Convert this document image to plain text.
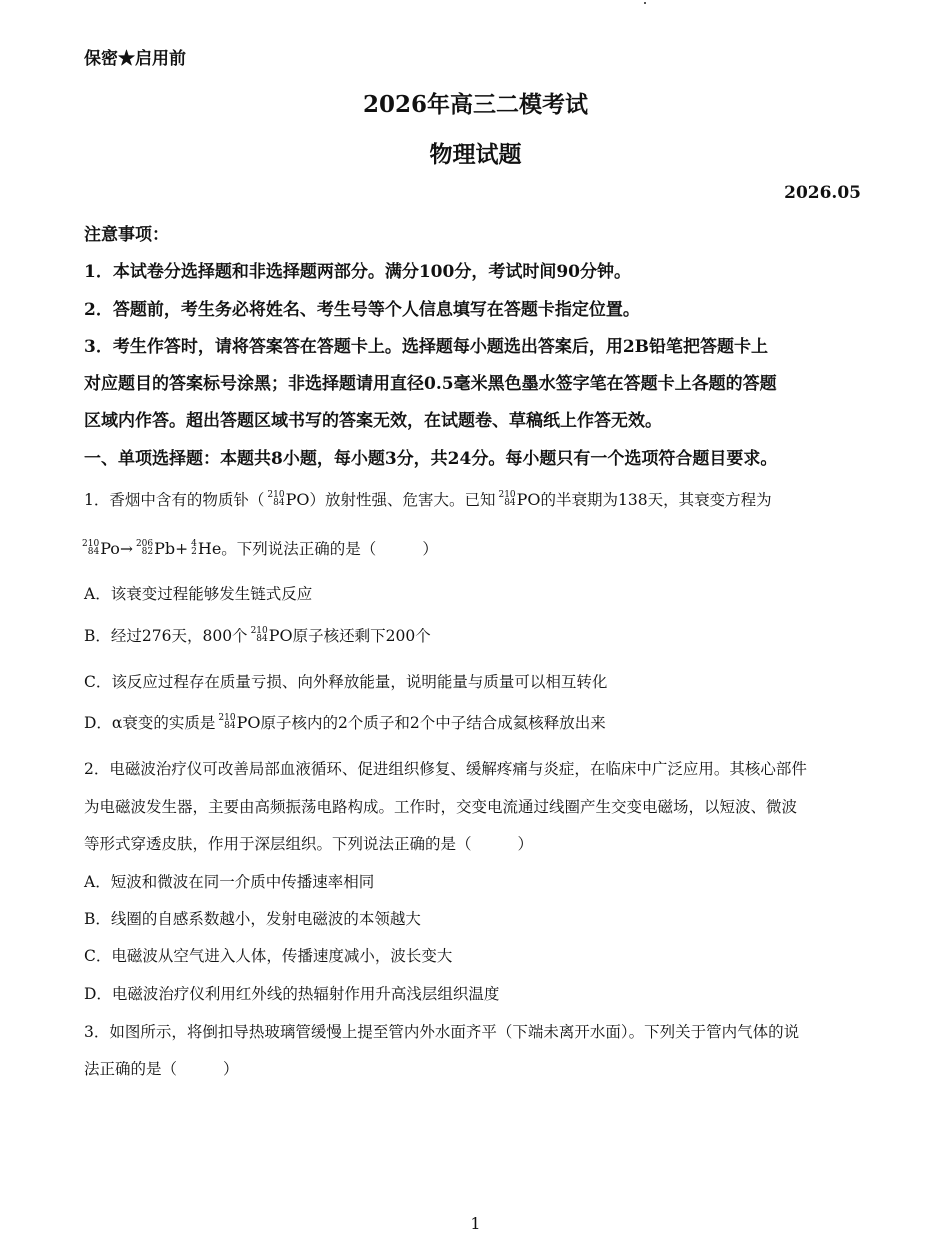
保密★启用前
2026年高三二模考试
物理试题
2026.05
注意事项：
1．本试卷分选择题和非选择题两部分。满分100分，考试时间90分钟。
2．答题前，考生务必将姓名、考生号等个人信息填写在答题卡指定位置。
3．考生作答时，请将答案答在答题卡上。选择题每小题选出答案后，用2B铅笔把答题卡上
对应题目的答案标号涂黑；非选择题请用直径0.5毫米黑色墨水签字笔在答题卡上各题的答题
区域内作答。超出答题区域书写的答案无效，在试题卷、草稿纸上作答无效。
一、单项选择题：本题共8小题，每小题3分，共24分。每小题只有一个选项符合题目要求。
1．香烟中含有的物质钋（ 210
84 PO）放射性强、危害大。已知 210
84 PO的半衰期为138天，其衰变方程为
210
84 Po→ 206
82 Pb+ 4
2 He。下列说法正确的是（	）
A．该衰变过程能够发生链式反应
B．经过276天，800个 210
84 PO原子核还剩下200个
C．该反应过程存在质量亏损、向外释放能量，说明能量与质量可以相互转化
D．α衰变的实质是 210
84 PO原子核内的2个质子和2个中子结合成氦核释放出来
2．电磁波治疗仪可改善局部血液循环、促进组织修复、缓解疼痛与炎症，在临床中广泛应用。其核心部件
为电磁波发生器，主要由高频振荡电路构成。工作时，交变电流通过线圈产生交变电磁场，以短波、微波
等形式穿透皮肤，作用于深层组织。下列说法正确的是（	）
A．短波和微波在同一介质中传播速率相同
B．线圈的自感系数越小，发射电磁波的本领越大
C．电磁波从空气进入人体，传播速度减小，波长变大
D．电磁波治疗仪利用红外线的热辐射作用升高浅层组织温度
3．如图所示，将倒扣导热玻璃管缓慢上提至管内外水面齐平（下端未离开水面）。下列关于管内气体的说
法正确的是（	）
1
